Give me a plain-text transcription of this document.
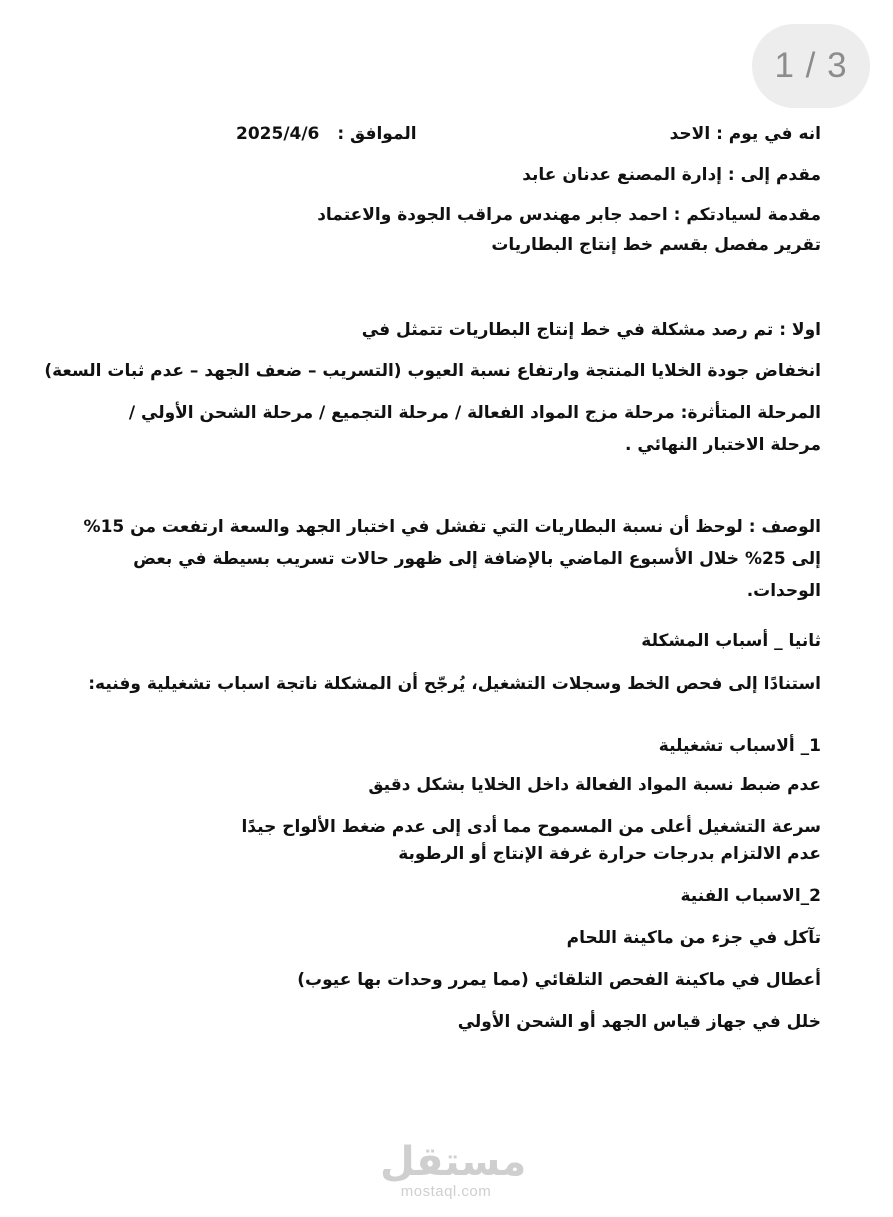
1 / 3

انه في يوم : الاحد

الموافق : 2025/4/6

مقدم إلى : إدارة المصنع عدنان عابد

مقدمة لسيادتكم : احمد جابر مهندس مراقب الجودة والاعتماد

تقرير مفصل بقسم خط إنتاج البطاريات

اولا : تم رصد مشكلة في خط إنتاج البطاريات تتمثل في

انخفاض جودة الخلايا المنتجة وارتفاع نسبة العيوب (التسريب – ضعف الجهد – عدم ثبات السعة)

المرحلة المتأثرة: مرحلة مزج المواد الفعالة / مرحلة التجميع / مرحلة الشحن الأولي / مرحلة الاختبار النهائي .

الوصف : لوحظ أن نسبة البطاريات التي تفشل في اختبار الجهد والسعة ارتفعت من 15% إلى 25% خلال الأسبوع الماضي بالإضافة إلى ظهور حالات تسريب بسيطة في بعض الوحدات.

ثانيا _ أسباب المشكلة

استنادًا إلى فحص الخط وسجلات التشغيل، يُرجّح أن المشكلة ناتجة اسباب تشغيلية وفنيه:

1_ ألاسباب تشغيلية

عدم ضبط نسبة المواد الفعالة داخل الخلايا بشكل دقيق

سرعة التشغيل أعلى من المسموح مما أدى إلى عدم ضغط الألواح جيدًا

عدم الالتزام بدرجات حرارة غرفة الإنتاج أو الرطوبة

2_الاسباب الفنية

تآكل في جزء من ماكينة اللحام

أعطال في ماكينة الفحص التلقائي (مما يمرر وحدات بها عيوب)

خلل في جهاز قياس الجهد أو الشحن الأولي

مستقل
mostaql.com
